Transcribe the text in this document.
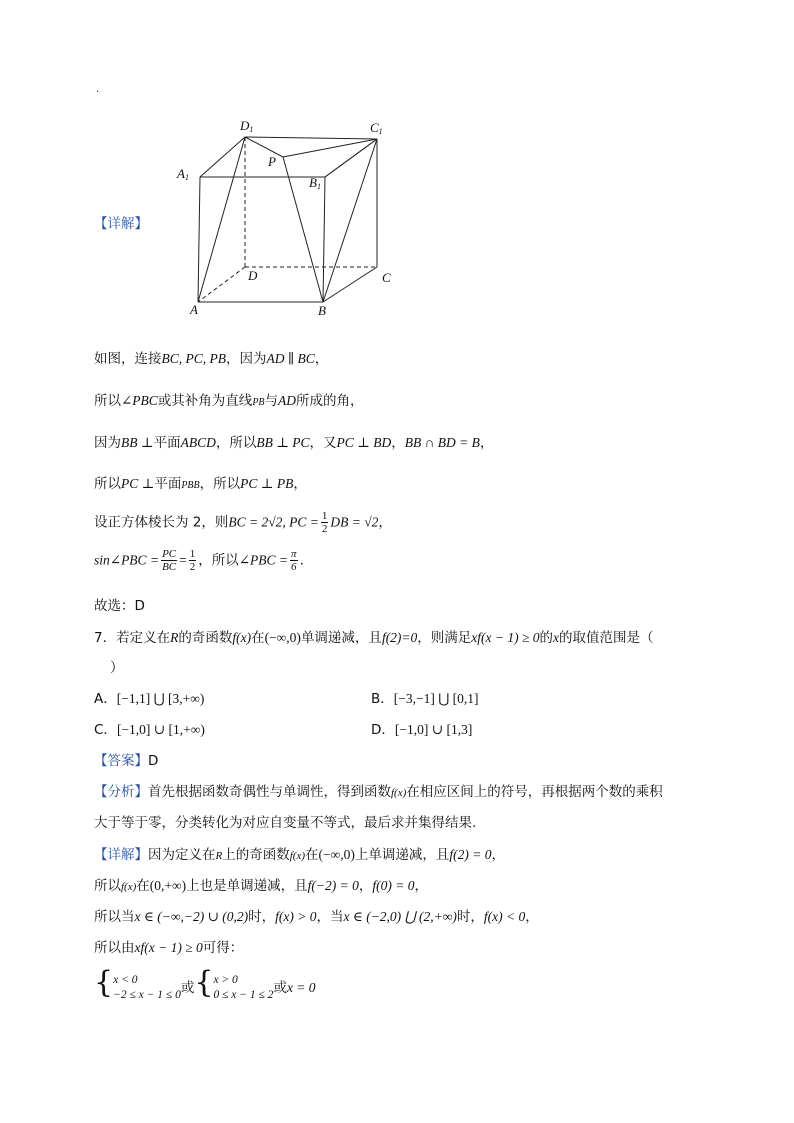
.
D1	C1
A1	B1
P
D	C
A	B
【详解】
如图，连接BC, PC, PB，因为AD ∥ BC，
所以∠PBC或其补角为直线PB与AD所成的角，
因为BB ⊥平面ABCD，所以BB ⊥ PC，又PC ⊥ BD，BB ∩ BD = B，
所以PC ⊥平面PBB，所以PC ⊥ PB，
设正方体棱长为 2，则BC = 2√2, PC = $\frac{1}{2}$ DB = √2，
sin∠PBC = $\frac{PC}{BC} = \frac{1}{2}$ ，所以∠PBC = $\frac{\pi}{6}$ .
故选：D
7．若定义在R的奇函数f(x)在(−∞,0)单调递减，且f(2)=0，则满足xf(x − 1) ≥ 0的x的取值范围是（
）
A．[−1,1] ⋃ [3,+∞)	B．[−3,−1] ⋃ [0,1]
C．[−1,0] ∪ [1,+∞)	D．[−1,0] ∪ [1,3]
【答案】D
【分析】首先根据函数奇偶性与单调性，得到函数f(x)在相应区间上的符号，再根据两个数的乘积
大于等于零，分类转化为对应自变量不等式，最后求并集得结果.
【详解】因为定义在R上的奇函数f(x)在(−∞,0)上单调递减，且f(2) = 0，
所以f(x)在(0,+∞)上也是单调递减，且f(−2) = 0，f(0) = 0，
所以当x ∈ (−∞,−2) ∪ (0,2)时，f(x) > 0，当x ∈ (−2,0) ⋃ (2,+∞)时，f(x) < 0，
所以由xf(x − 1) ≥ 0可得：
{ x < 0
−2 ≤ x − 1 ≤ 0 或{ x > 0
0 ≤ x − 1 ≤ 2 或x = 0
